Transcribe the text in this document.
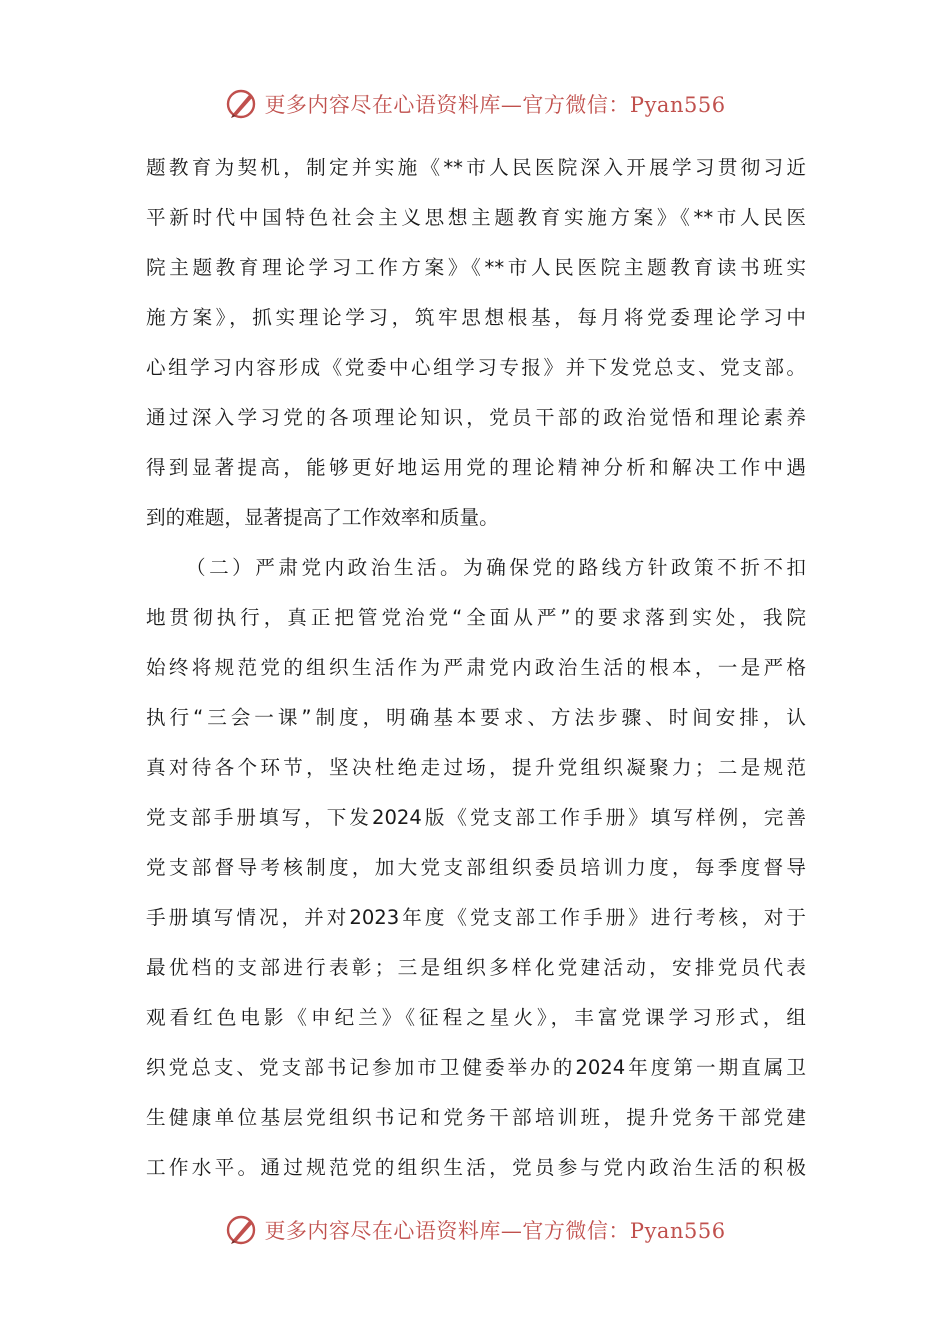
更多内容尽在心语资料库—官方微信：Pyan556
题教育为契机，制定并实施《**市人民医院深入开展学习贯彻习近
平新时代中国特色社会主义思想主题教育实施方案》《**市人民医
院主题教育理论学习工作方案》《**市人民医院主题教育读书班实
施方案》，抓实理论学习，筑牢思想根基，每月将党委理论学习中
心组学习内容形成《党委中心组学习专报》并下发党总支、党支部。
通过深入学习党的各项理论知识，党员干部的政治觉悟和理论素养
得到显著提高，能够更好地运用党的理论精神分析和解决工作中遇
到的难题，显著提高了工作效率和质量。
（二）严肃党内政治生活。为确保党的路线方针政策不折不扣
地贯彻执行，真正把管党治党“全面从严”的要求落到实处，我院
始终将规范党的组织生活作为严肃党内政治生活的根本，一是严格
执行“三会一课”制度，明确基本要求、方法步骤、时间安排，认
真对待各个环节，坚决杜绝走过场，提升党组织凝聚力；二是规范
党支部手册填写，下发2024版《党支部工作手册》填写样例，完善
党支部督导考核制度，加大党支部组织委员培训力度，每季度督导
手册填写情况，并对2023年度《党支部工作手册》进行考核，对于
最优档的支部进行表彰；三是组织多样化党建活动，安排党员代表
观看红色电影《申纪兰》《征程之星火》，丰富党课学习形式，组
织党总支、党支部书记参加市卫健委举办的2024年度第一期直属卫
生健康单位基层党组织书记和党务干部培训班，提升党务干部党建
工作水平。通过规范党的组织生活，党员参与党内政治生活的积极
更多内容尽在心语资料库—官方微信：Pyan556
